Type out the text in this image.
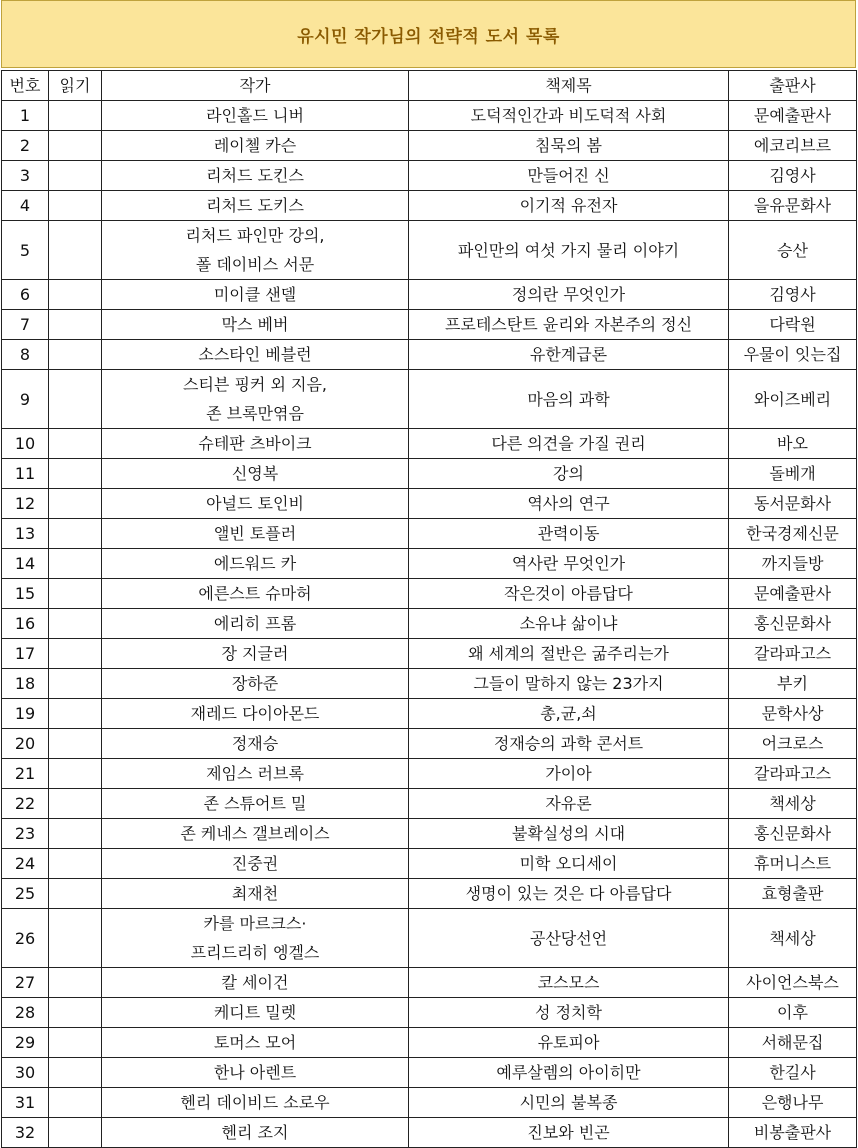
유시민 작가님의 전략적 도서 목록
번호	읽기	작가	책제목	출판사
1		라인홀드 니버	도덕적인간과 비도덕적 사회	문예출판사
2		레이첼 카슨	침묵의 봄	에코리브르
3		리처드 도킨스	만들어진 신	김영사
4		리처드 도키스	이기적 유전자	을유문화사
5		리처드 파인만 강의,
폴 데이비스 서문	파인만의 여섯 가지 물리 이야기	승산
6		미이클 샌델	정의란 무엇인가	김영사
7		막스 베버	프로테스탄트 윤리와 자본주의 정신	다락원
8		소스타인 베블런	유한계급론	우물이 잇는집
9		스티븐 핑커 외 지음,
존 브록만엮음	마음의 과학	와이즈베리
10		슈테판 츠바이크	다른 의견을 가질 권리	바오
11		신영복	강의	돌베개
12		아널드 토인비	역사의 연구	동서문화사
13		앨빈 토플러	관력이동	한국경제신문
14		에드워드 카	역사란 무엇인가	까지들방
15		에른스트 슈마허	작은것이 아름답다	문예출판사
16		에리히 프롬	소유냐 삶이냐	홍신문화사
17		장 지글러	왜 세계의 절반은 굶주리는가	갈라파고스
18		장하준	그들이 말하지 않는 23가지	부키
19		재레드 다이아몬드	총,균,쇠	문학사상
20		정재승	정재승의 과학 콘서트	어크로스
21		제임스 러브록	가이아	갈라파고스
22		존 스튜어트 밀	자유론	책세상
23		존 케네스 갤브레이스	불확실성의 시대	홍신문화사
24		진중권	미학 오디세이	휴머니스트
25		최재천	생명이 있는 것은 다 아름답다	효형출판
26		카를 마르크스·
프리드리히 엥겔스	공산당선언	책세상
27		칼 세이건	코스모스	사이언스북스
28		케디트 밀렛	성 정치학	이후
29		토머스 모어	유토피아	서해문집
30		한나 아렌트	예루살렘의 아이히만	한길사
31		헨리 데이비드 소로우	시민의 불복종	은행나무
32		헨리 조지	진보와 빈곤	비봉출판사
